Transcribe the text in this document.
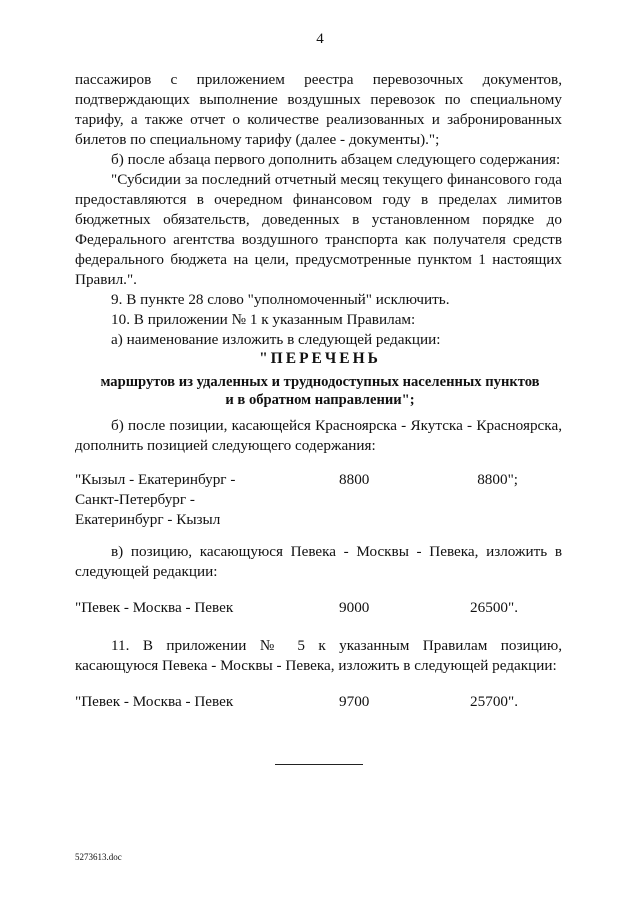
4

пассажиров с приложением реестра перевозочных документов, подтверждающих выполнение воздушных перевозок по специальному тарифу, а также отчет о количестве реализованных и забронированных билетов по специальному тарифу (далее - документы).";

б) после абзаца первого дополнить абзацем следующего содержания:

"Субсидии за последний отчетный месяц текущего финансового года предоставляются в очередном финансовом году в пределах лимитов бюджетных обязательств, доведенных в установленном порядке до Федерального агентства воздушного транспорта как получателя средств федерального бюджета на цели, предусмотренные пунктом 1 настоящих Правил.".

9. В пункте 28 слово "уполномоченный" исключить.

10. В приложении № 1 к указанным Правилам:

а) наименование изложить в следующей редакции:

"ПЕРЕЧЕНЬ
маршрутов из удаленных и труднодоступных населенных пунктов
и в обратном направлении";

б) после позиции, касающейся Красноярска - Якутска - Красноярска, дополнить позицией следующего содержания:

"Кызыл - Екатеринбург -
Санкт-Петербург -
Екатеринбург - Кызыл
8800	8800";

в) позицию, касающуюся Певека - Москвы - Певека, изложить в следующей редакции:

"Певек - Москва - Певек	9000	26500".

11. В приложении № 5 к указанным Правилам позицию, касающуюся Певека - Москвы - Певека, изложить в следующей редакции:

"Певек - Москва - Певек	9700	25700".
5273613.doc
